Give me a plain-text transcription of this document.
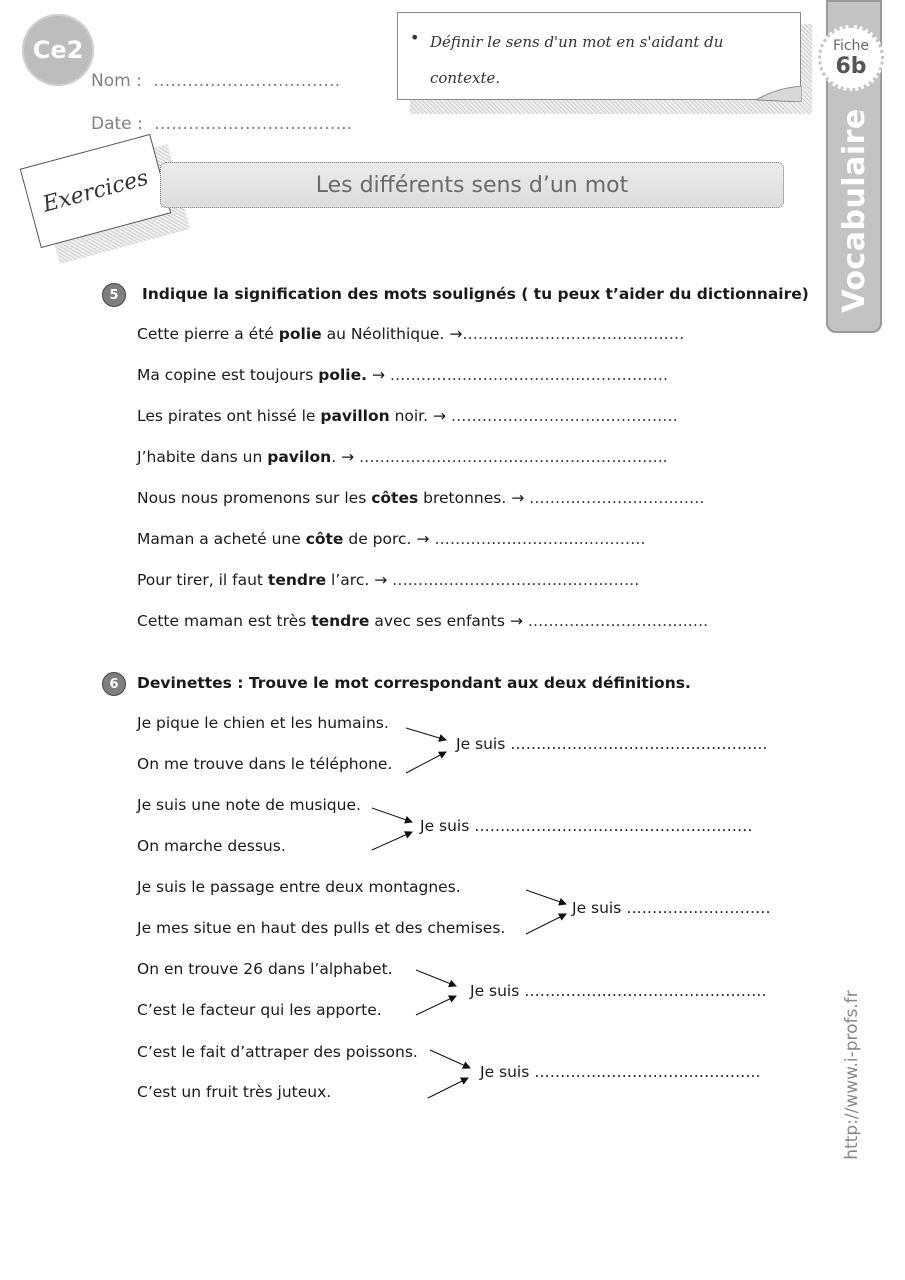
Ce2
Nom : ……………………………
Date : ……………………………..
• Définir le sens d'un mot en s'aidant du contexte.
Fiche
6b
Vocabulaire
Exercices	Les différents sens d’un mot
5	Indique la signification des mots soulignés ( tu peux t’aider du dictionnaire)
Cette pierre a été polie au Néolithique. →………….…………………………
Ma copine est toujours polie. → ………….………….……….………………
Les pirates ont hissé le pavillon noir. → …………….………….……………
J’habite dans un pavilon. → …….……….………….……….………………..
Nous nous promenons sur les côtes bretonnes. → ……………………….……
Maman a acheté une côte de porc. → ………….…………….…………
Pour tirer, il faut tendre l’arc. → ……….………………….……….……
Cette maman est très tendre avec ses enfants → ………………………….….
6	Devinettes : Trouve le mot correspondant aux deux définitions.
Je pique le chien et les humains.
On me trouve dans le téléphone.
Je suis …….…………….………….…………..
Je suis une note de musique.
On marche dessus.
Je suis …….…………………….………….………
Je suis le passage entre deux montagnes.
Je mes situe en haut des pulls et des chemises.
Je suis ………….……………
On en trouve 26 dans l’alphabet.
C’est le facteur qui les apporte.
Je suis …………….………….………………
C’est le fait d’attraper des poissons.
C’est un fruit très juteux.
Je suis …………..…………….…………..	http://www.i-profs.fr
